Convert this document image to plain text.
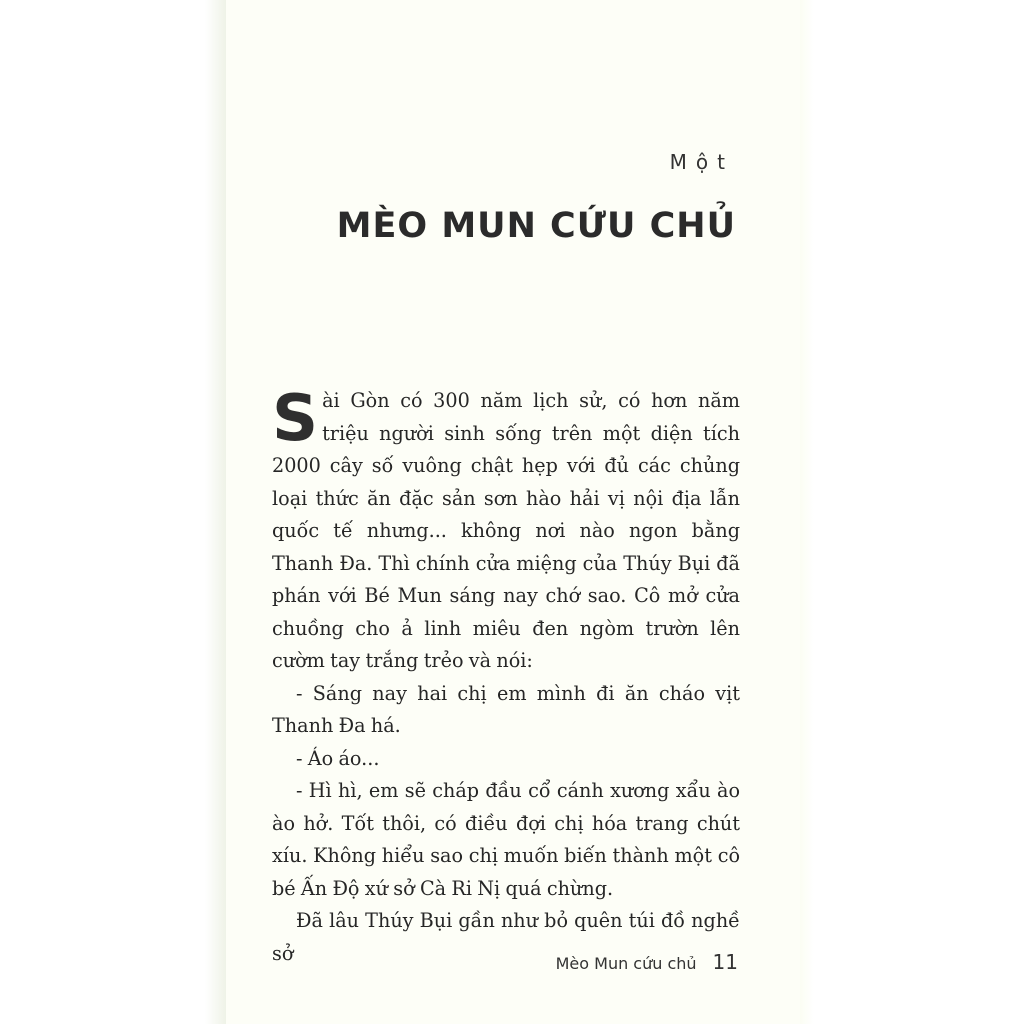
Một

MÈO MUN CỨU CHỦ

Sài Gòn có 300 năm lịch sử, có hơn năm triệu người sinh sống trên một diện tích 2000 cây số vuông chật hẹp với đủ các chủng loại thức ăn đặc sản sơn hào hải vị nội địa lẫn quốc tế nhưng... không nơi nào ngon bằng Thanh Đa. Thì chính cửa miệng của Thúy Bụi đã phán với Bé Mun sáng nay chớ sao. Cô mở cửa chuồng cho ả linh miêu đen ngòm trườn lên cườm tay trắng trẻo và nói:

- Sáng nay hai chị em mình đi ăn cháo vịt Thanh Đa há.

- Áo áo...

- Hì hì, em sẽ cháp đầu cổ cánh xương xẩu ào ào hở. Tốt thôi, có điều đợi chị hóa trang chút xíu. Không hiểu sao chị muốn biến thành một cô bé Ấn Độ xứ sở Cà Ri Nị quá chừng.

Đã lâu Thúy Bụi gần như bỏ quên túi đồ nghề sở	Mèo Mun cứu chủ 11
